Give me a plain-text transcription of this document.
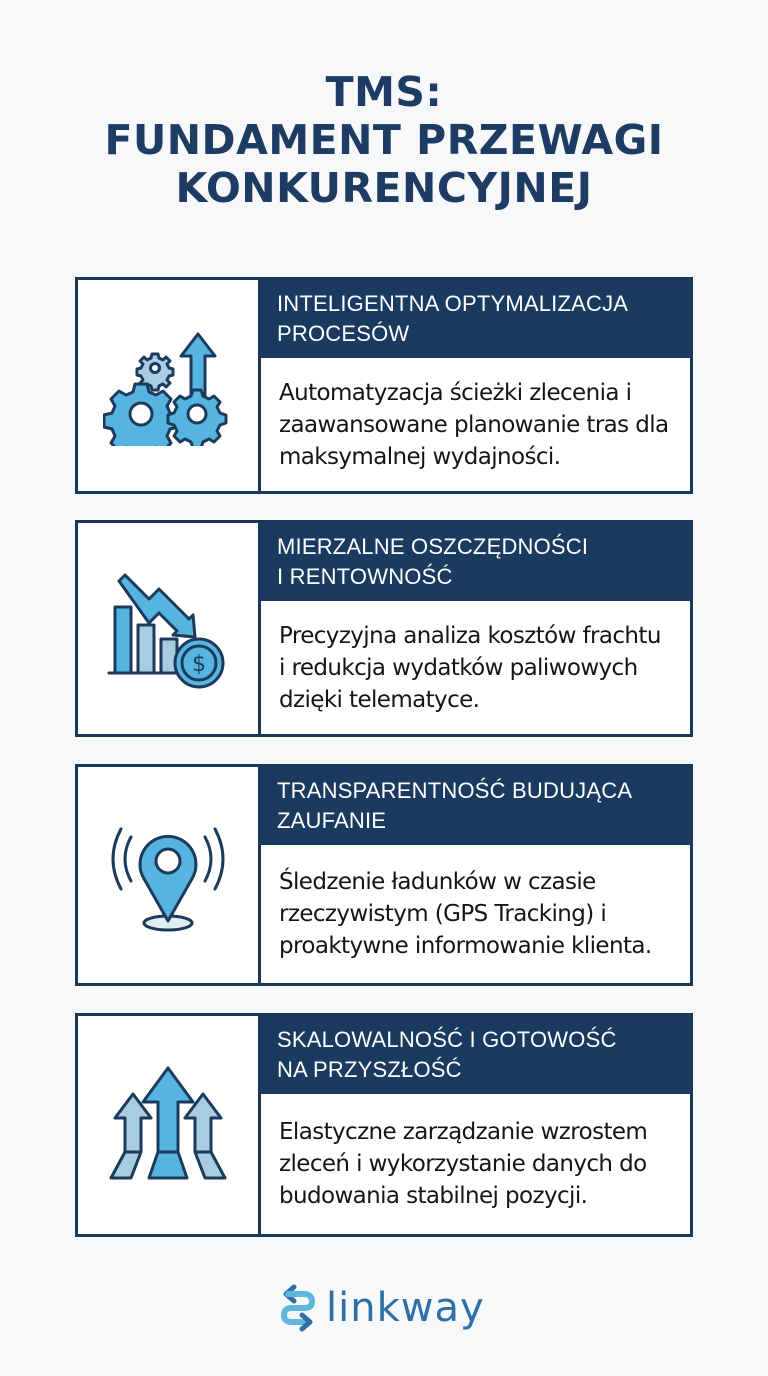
TMS:
FUNDAMENT PRZEWAGI
KONKURENCYJNEJ
INTELIGENTNA OPTYMALIZACJA
PROCESÓW
Automatyzacja ścieżki zlecenia i
zaawansowane planowanie tras dla
maksymalnej wydajności.
$
MIERZALNE OSZCZĘDNOŚCI
I RENTOWNOŚĆ
Precyzyjna analiza kosztów frachtu
i redukcja wydatków paliwowych
dzięki telematyce.
TRANSPARENTNOŚĆ BUDUJĄCA
ZAUFANIE
Śledzenie ładunków w czasie
rzeczywistym (GPS Tracking) i
proaktywne informowanie klienta.
SKALOWALNOŚĆ I GOTOWOŚĆ
NA PRZYSZŁOŚĆ
Elastyczne zarządzanie wzrostem
zleceń i wykorzystanie danych do
budowania stabilnej pozycji.
linkway
